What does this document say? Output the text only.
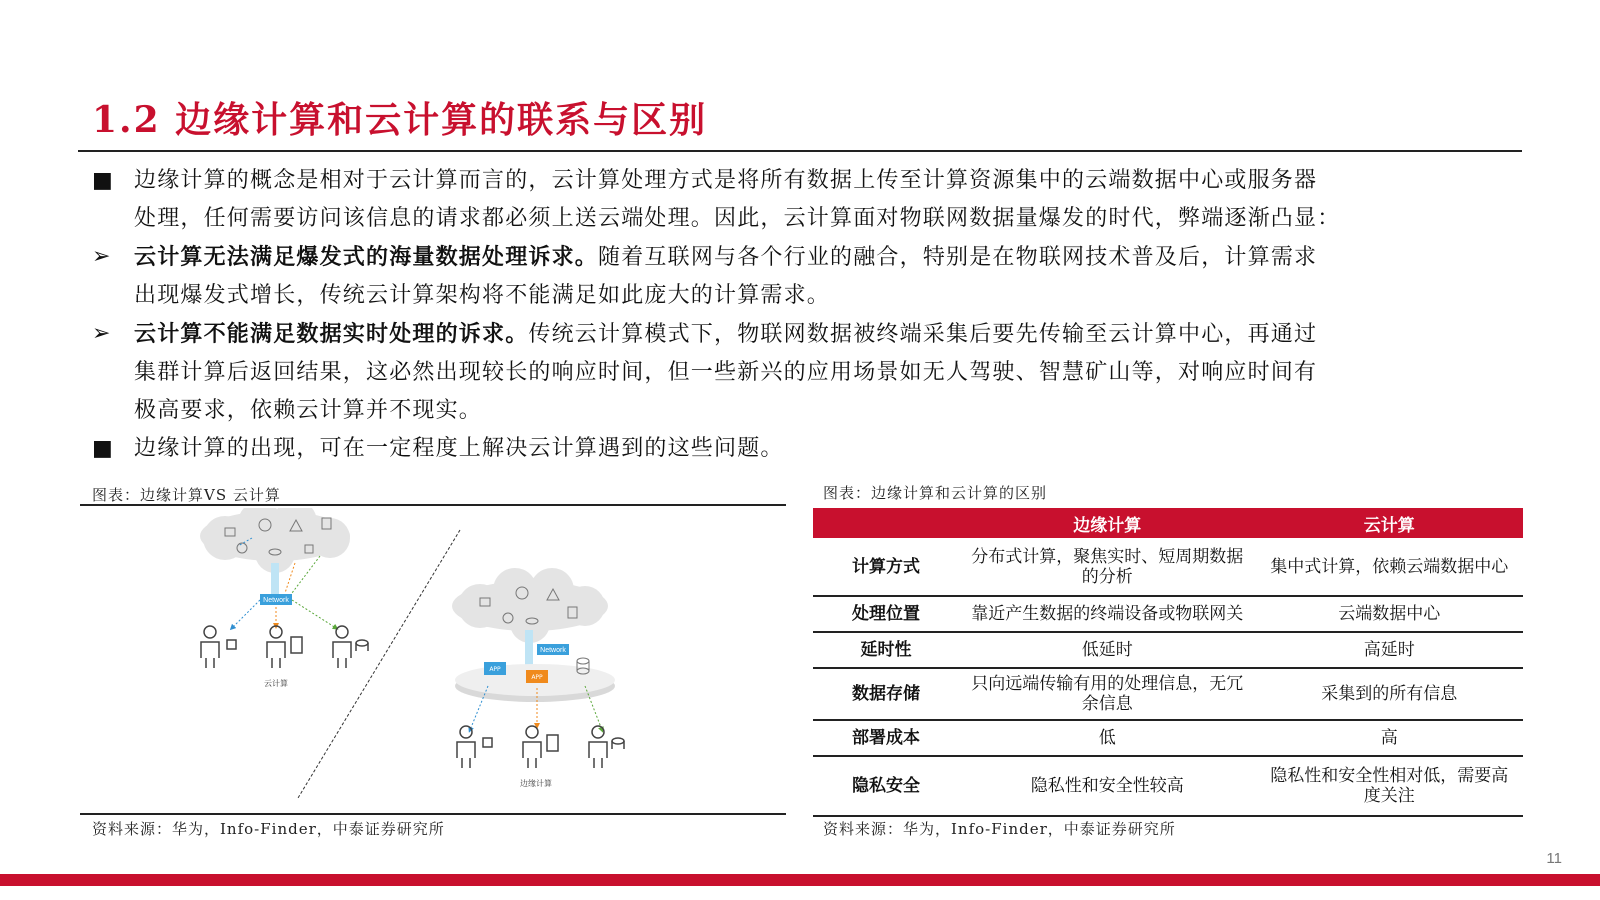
1.2 边缘计算和云计算的联系与区别
■ 边缘计算的概念是相对于云计算而言的，云计算处理方式是将所有数据上传至计算资源集中的云端数据中心或服务器
处理，任何需要访问该信息的请求都必须上送云端处理。因此，云计算面对物联网数据量爆发的时代，弊端逐渐凸显：
➢ 云计算无法满足爆发式的海量数据处理诉求。随着互联网与各个行业的融合，特别是在物联网技术普及后，计算需求
出现爆发式增长，传统云计算架构将不能满足如此庞大的计算需求。
➢ 云计算不能满足数据实时处理的诉求。传统云计算模式下，物联网数据被终端采集后要先传输至云计算中心，再通过
集群计算后返回结果，这必然出现较长的响应时间，但一些新兴的应用场景如无人驾驶、智慧矿山等，对响应时间有
极高要求，依赖云计算并不现实。
■ 边缘计算的出现，可在一定程度上解决云计算遇到的这些问题。
图表：边缘计算VS 云计算
Network
云计算
Network
APP
APP
边缘计算
资料来源：华为，Info-Finder，中泰证券研究所
图表：边缘计算和云计算的区别
	边缘计算	云计算
计算方式	分布式计算，聚焦实时、短周期数据的分析	集中式计算，依赖云端数据中心
处理位置	靠近产生数据的终端设备或物联网关	云端数据中心
延时性	低延时	高延时
数据存储	只向远端传输有用的处理信息，无冗余信息	采集到的所有信息
部署成本	低	高
隐私安全	隐私性和安全性较高	隐私性和安全性相对低，需要高度关注
资料来源：华为，Info-Finder，中泰证券研究所
11
